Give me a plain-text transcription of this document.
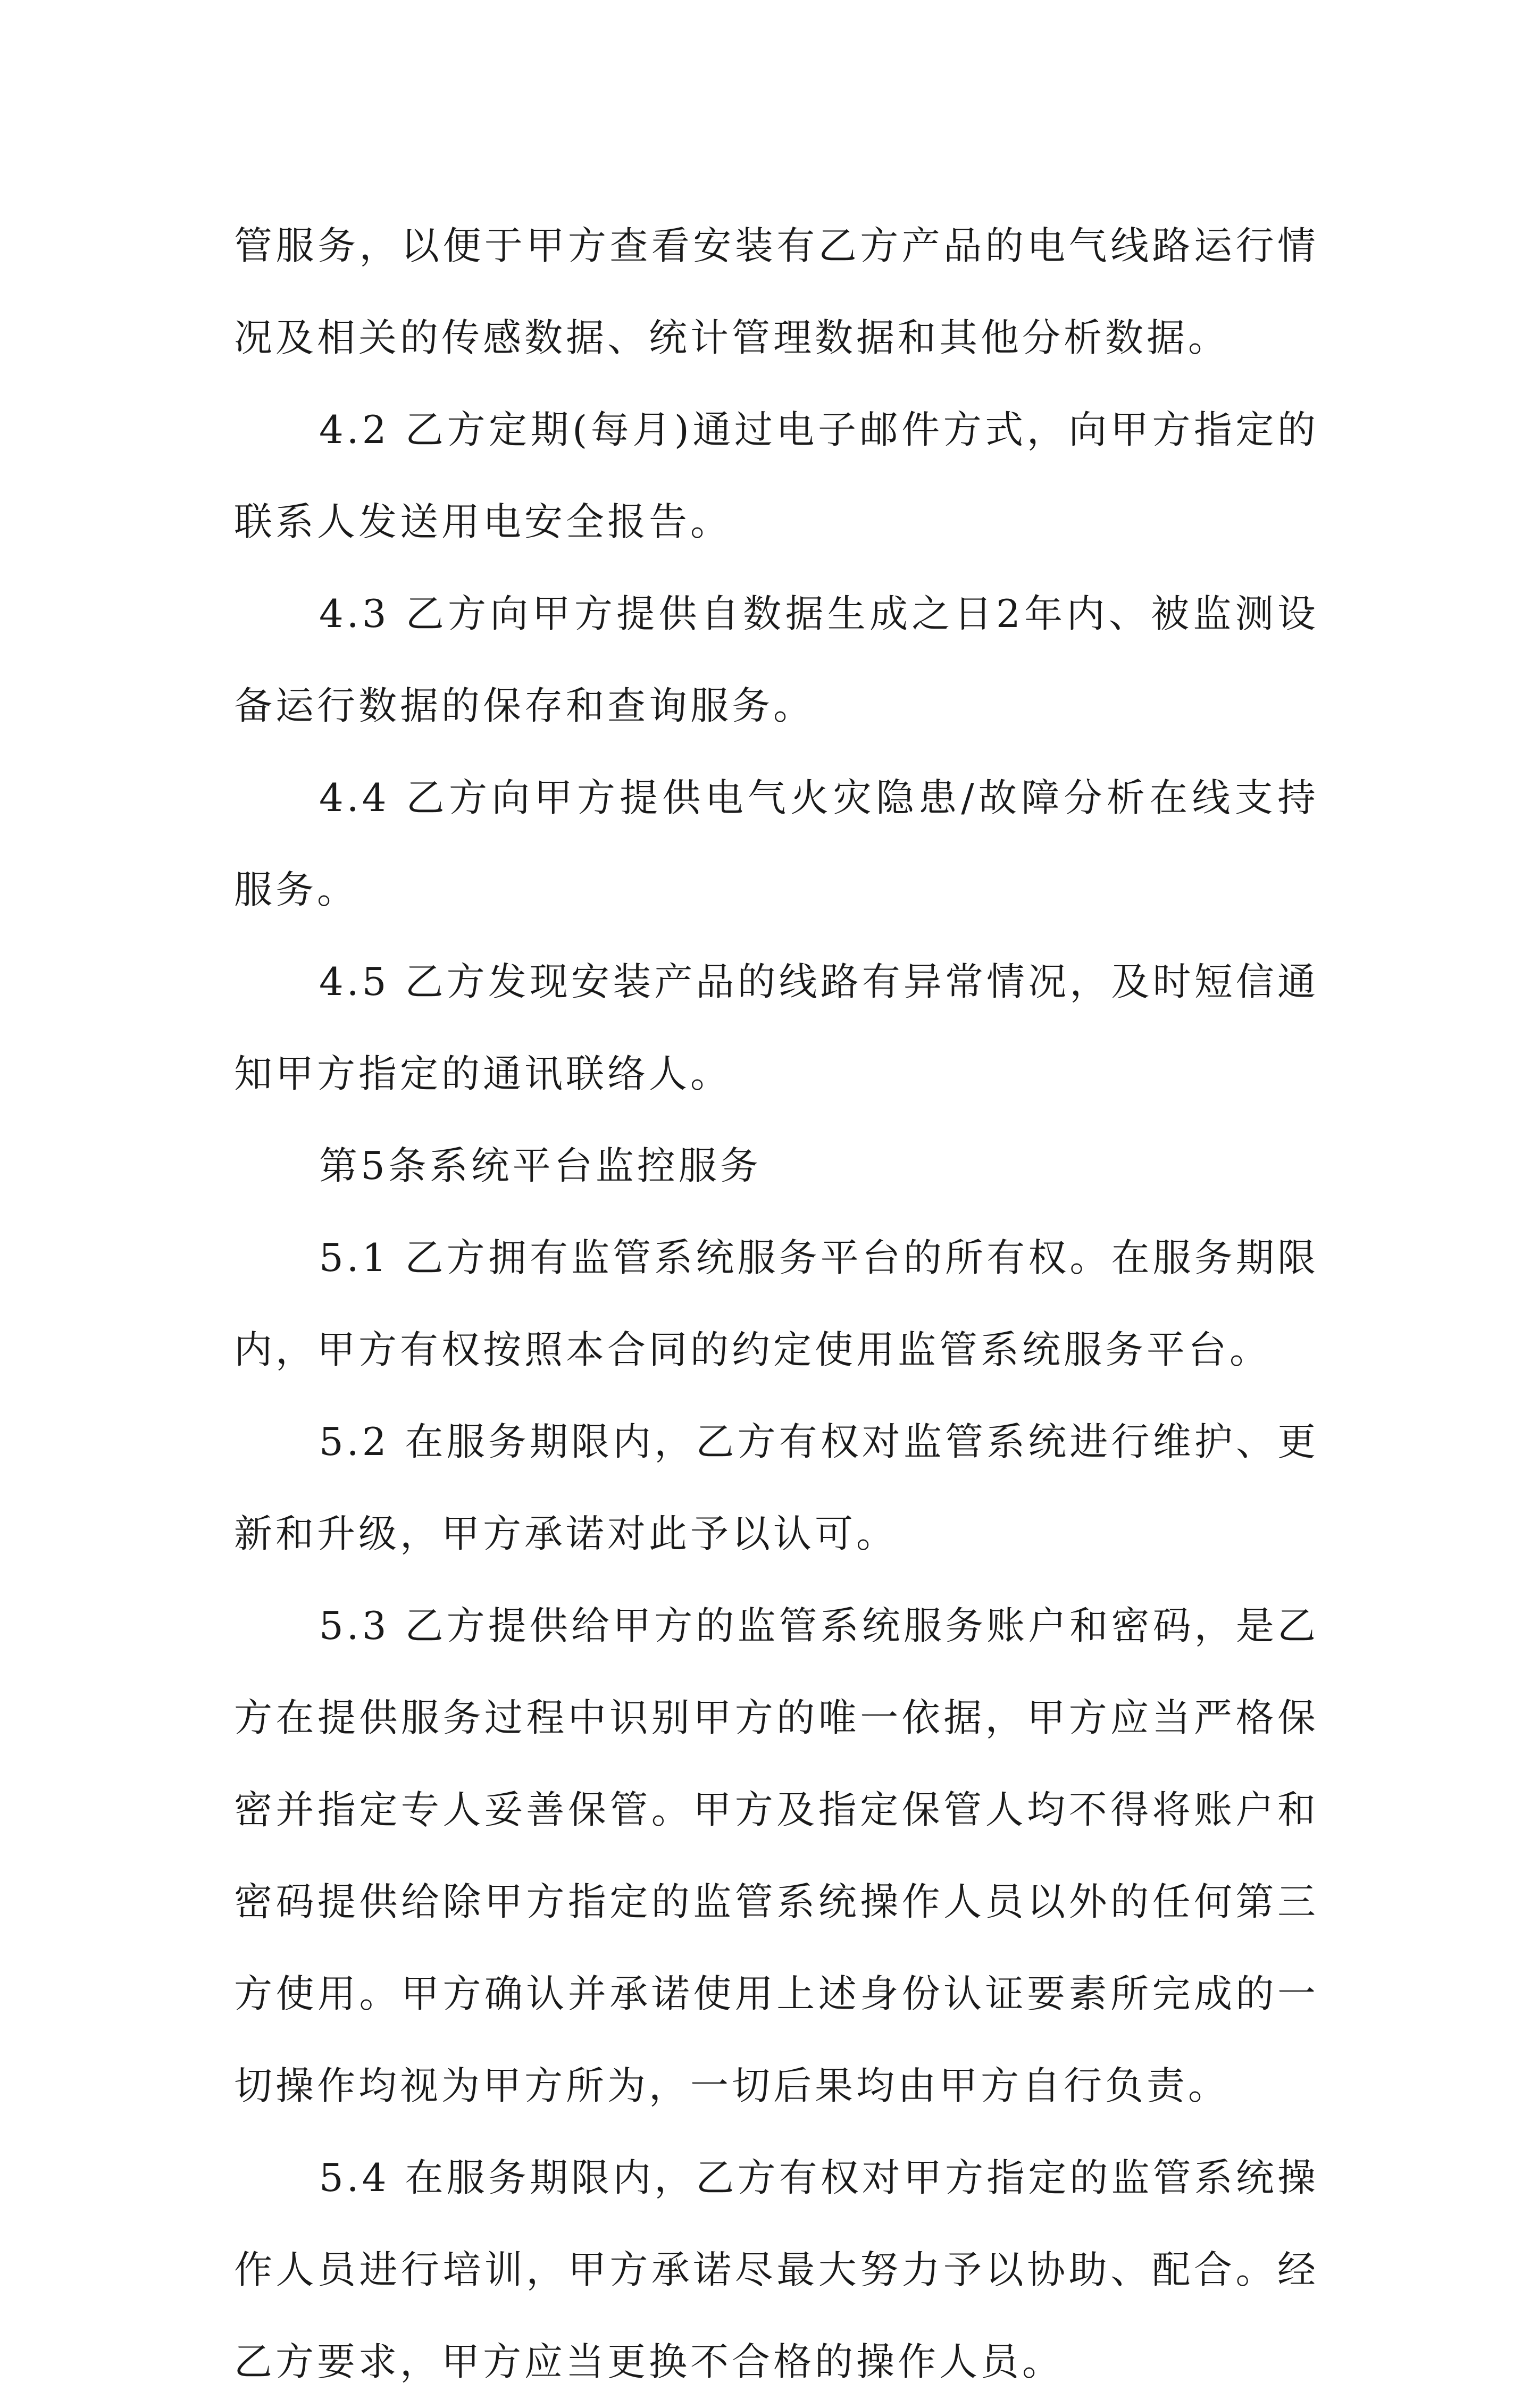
管服务，以便于甲方查看安装有乙方产品的电气线路运行情况及相关的传感数据、统计管理数据和其他分析数据。

4.2 乙方定期(每月)通过电子邮件方式，向甲方指定的联系人发送用电安全报告。

4.3 乙方向甲方提供自数据生成之日2年内、被监测设备运行数据的保存和查询服务。

4.4 乙方向甲方提供电气火灾隐患/故障分析在线支持服务。

4.5 乙方发现安装产品的线路有异常情况，及时短信通知甲方指定的通讯联络人。

第5条系统平台监控服务

5.1 乙方拥有监管系统服务平台的所有权。在服务期限内，甲方有权按照本合同的约定使用监管系统服务平台。

5.2 在服务期限内，乙方有权对监管系统进行维护、更新和升级，甲方承诺对此予以认可。

5.3 乙方提供给甲方的监管系统服务账户和密码，是乙方在提供服务过程中识别甲方的唯一依据，甲方应当严格保密并指定专人妥善保管。甲方及指定保管人均不得将账户和密码提供给除甲方指定的监管系统操作人员以外的任何第三方使用。甲方确认并承诺使用上述身份认证要素所完成的一切操作均视为甲方所为，一切后果均由甲方自行负责。

5.4 在服务期限内，乙方有权对甲方指定的监管系统操作人员进行培训，甲方承诺尽最大努力予以协助、配合。经乙方要求，甲方应当更换不合格的操作人员。
